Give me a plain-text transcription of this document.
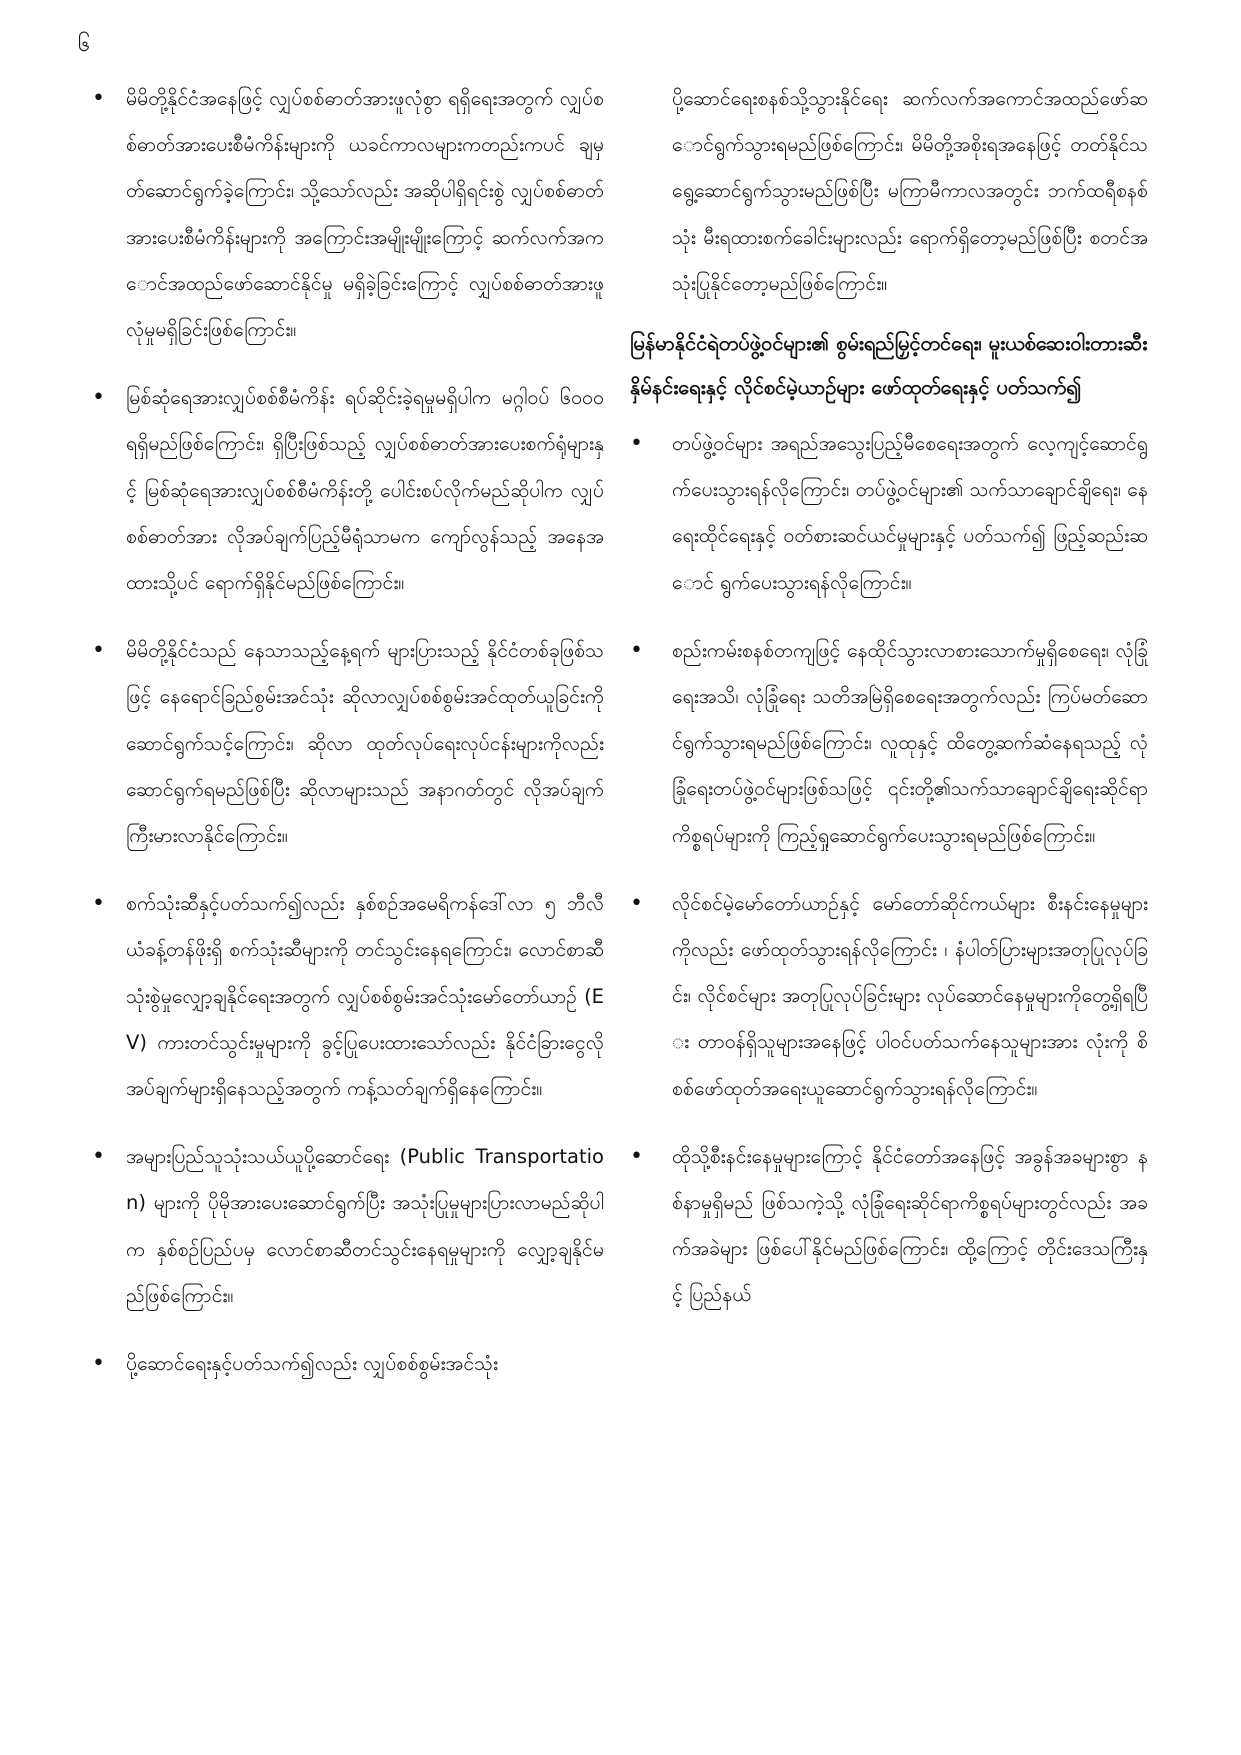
၆
• မိမိတို့နိုင်ငံအနေဖြင့် လျှပ်စစ်ဓာတ်အားဖူလုံစွာ ရရှိရေးအတွက် လျှပ်စစ်ဓာတ်အားပေးစီမံကိန်းများကို ယခင်ကာလများကတည်းကပင် ချမှတ်ဆောင်ရွက်ခဲ့ကြောင်း၊ သို့သော်လည်း အဆိုပါရှိရင်းစွဲ လျှပ်စစ်ဓာတ်အားပေးစီမံကိန်းများကို အကြောင်းအမျိုးမျိုးကြောင့် ဆက်လက်အကောင်အထည်ဖော်ဆောင်နိုင်မှု မရှိခဲ့ခြင်းကြောင့် လျှပ်စစ်ဓာတ်အားဖူလုံမှုမရှိခြင်းဖြစ်ကြောင်း။
• မြစ်ဆုံရေအားလျှပ်စစ်စီမံကိန်း ရပ်ဆိုင်းခဲ့ရမှုမရှိပါက မဂ္ဂါဝပ် ၆၀၀၀ ရရှိမည်ဖြစ်ကြောင်း၊ ရှိပြီးဖြစ်သည့် လျှပ်စစ်ဓာတ်အားပေးစက်ရုံများနှင့် မြစ်ဆုံရေအားလျှပ်စစ်စီမံကိန်းတို့ ပေါင်းစပ်လိုက်မည်ဆိုပါက လျှပ်စစ်ဓာတ်အား လိုအပ်ချက်ပြည့်မီရုံသာမက ကျော်လွန်သည့် အနေအထားသို့ပင် ရောက်ရှိနိုင်မည်ဖြစ်ကြောင်း။
• မိမိတို့နိုင်ငံသည် နေသာသည့်နေ့ရက် များပြားသည့် နိုင်ငံတစ်ခုဖြစ်သဖြင့် နေရောင်ခြည်စွမ်းအင်သုံး ဆိုလာလျှပ်စစ်စွမ်းအင်ထုတ်ယူခြင်းကို ဆောင်ရွက်သင့်ကြောင်း၊ ဆိုလာ ထုတ်လုပ်ရေးလုပ်ငန်းများကိုလည်း ဆောင်ရွက်ရမည်ဖြစ်ပြီး ဆိုလာများသည် အနာဂတ်တွင် လိုအပ်ချက်ကြီးမားလာနိုင်ကြောင်း။
• စက်သုံးဆီနှင့်ပတ်သက်၍လည်း နှစ်စဉ်အမေရိကန်ဒေါ်လာ ၅ ဘီလီယံခန့်တန်ဖိုးရှိ စက်သုံးဆီများကို တင်သွင်းနေရကြောင်း၊ လောင်စာဆီသုံးစွဲမှုလျှော့ချနိုင်ရေးအတွက် လျှပ်စစ်စွမ်းအင်သုံးမော်တော်ယာဉ် (EV) ကားတင်သွင်းမှုများကို ခွင့်ပြုပေးထားသော်လည်း နိုင်ငံခြားငွေလိုအပ်ချက်များရှိနေသည့်အတွက် ကန့်သတ်ချက်ရှိနေကြောင်း။
• အများပြည်သူသုံးသယ်ယူပို့ဆောင်ရေး (Public Transportation) များကို ပိုမိုအားပေးဆောင်ရွက်ပြီး အသုံးပြုမှုများပြားလာမည်ဆိုပါက နှစ်စဉ်ပြည်ပမှ လောင်စာဆီတင်သွင်းနေရမှုများကို လျှော့ချနိုင်မည်ဖြစ်ကြောင်း။
• ပို့ဆောင်ရေးနှင့်ပတ်သက်၍လည်း လျှပ်စစ်စွမ်းအင်သုံး

ပို့ဆောင်ရေးစနစ်သို့သွားနိုင်ရေး ဆက်လက်အကောင်အထည်ဖော်ဆောင်ရွက်သွားရမည်ဖြစ်ကြောင်း၊ မိမိတို့အစိုးရအနေဖြင့် တတ်နိုင်သရွေ့ဆောင်ရွက်သွားမည်ဖြစ်ပြီး မကြာမီကာလအတွင်း ဘက်ထရီစနစ်သုံး မီးရထားစက်ခေါင်းများလည်း ရောက်ရှိတော့မည်ဖြစ်ပြီး စတင်အသုံးပြုနိုင်တော့မည်ဖြစ်ကြောင်း။

မြန်မာနိုင်ငံရဲတပ်ဖွဲ့ဝင်များ၏ စွမ်းရည်မြှင့်တင်ရေး၊ မူးယစ်ဆေးဝါးတားဆီးနှိမ်နင်းရေးနှင့် လိုင်စင်မဲ့ယာဉ်များ ဖော်ထုတ်ရေးနှင့် ပတ်သက်၍
• တပ်ဖွဲ့ဝင်များ အရည်အသွေးပြည့်မီစေရေးအတွက် လေ့ကျင့်ဆောင်ရွက်ပေးသွားရန်လိုကြောင်း၊ တပ်ဖွဲ့ဝင်များ၏ သက်သာချောင်ချိရေး၊ နေရေးထိုင်ရေးနှင့် ဝတ်စားဆင်ယင်မှုများနှင့် ပတ်သက်၍ ဖြည့်ဆည်းဆောင် ရွက်ပေးသွားရန်လိုကြောင်း။
• စည်းကမ်းစနစ်တကျဖြင့် နေထိုင်သွားလာစားသောက်မှုရှိစေရေး၊ လုံခြုံရေးအသိ၊ လုံခြုံရေး သတိအမြဲရှိစေရေးအတွက်လည်း ကြပ်မတ်ဆောင်ရွက်သွားရမည်ဖြစ်ကြောင်း၊ လူထုနှင့် ထိတွေ့ဆက်ဆံနေရသည့် လုံခြုံရေးတပ်ဖွဲ့ဝင်များဖြစ်သဖြင့် ၎င်းတို့၏သက်သာချောင်ချိရေးဆိုင်ရာကိစ္စရပ်များကို ကြည့်ရှုဆောင်ရွက်ပေးသွားရမည်ဖြစ်ကြောင်း။
• လိုင်စင်မဲ့မော်တော်ယာဉ်နှင့် မော်တော်ဆိုင်ကယ်များ စီးနင်းနေမှုများကိုလည်း ဖော်ထုတ်သွားရန်လိုကြောင်း ၊ နံပါတ်ပြားများအတုပြုလုပ်ခြင်း၊ လိုင်စင်များ အတုပြုလုပ်ခြင်းများ လုပ်ဆောင်နေမှုများကိုတွေ့ရှိရပြီး တာဝန်ရှိသူများအနေဖြင့် ပါဝင်ပတ်သက်နေသူများအား လုံးကို စိစစ်ဖော်ထုတ်အရေးယူဆောင်ရွက်သွားရန်လိုကြောင်း။
• ထိုသို့စီးနင်းနေမှုများကြောင့် နိုင်ငံတော်အနေဖြင့် အခွန်အခများစွာ နစ်နာမှုရှိမည် ဖြစ်သကဲ့သို့ လုံခြုံရေးဆိုင်ရာကိစ္စရပ်များတွင်လည်း အခက်အခဲများ ဖြစ်ပေါ်နိုင်မည်ဖြစ်ကြောင်း၊ ထို့ကြောင့် တိုင်းဒေသကြီးနှင့် ပြည်နယ်
